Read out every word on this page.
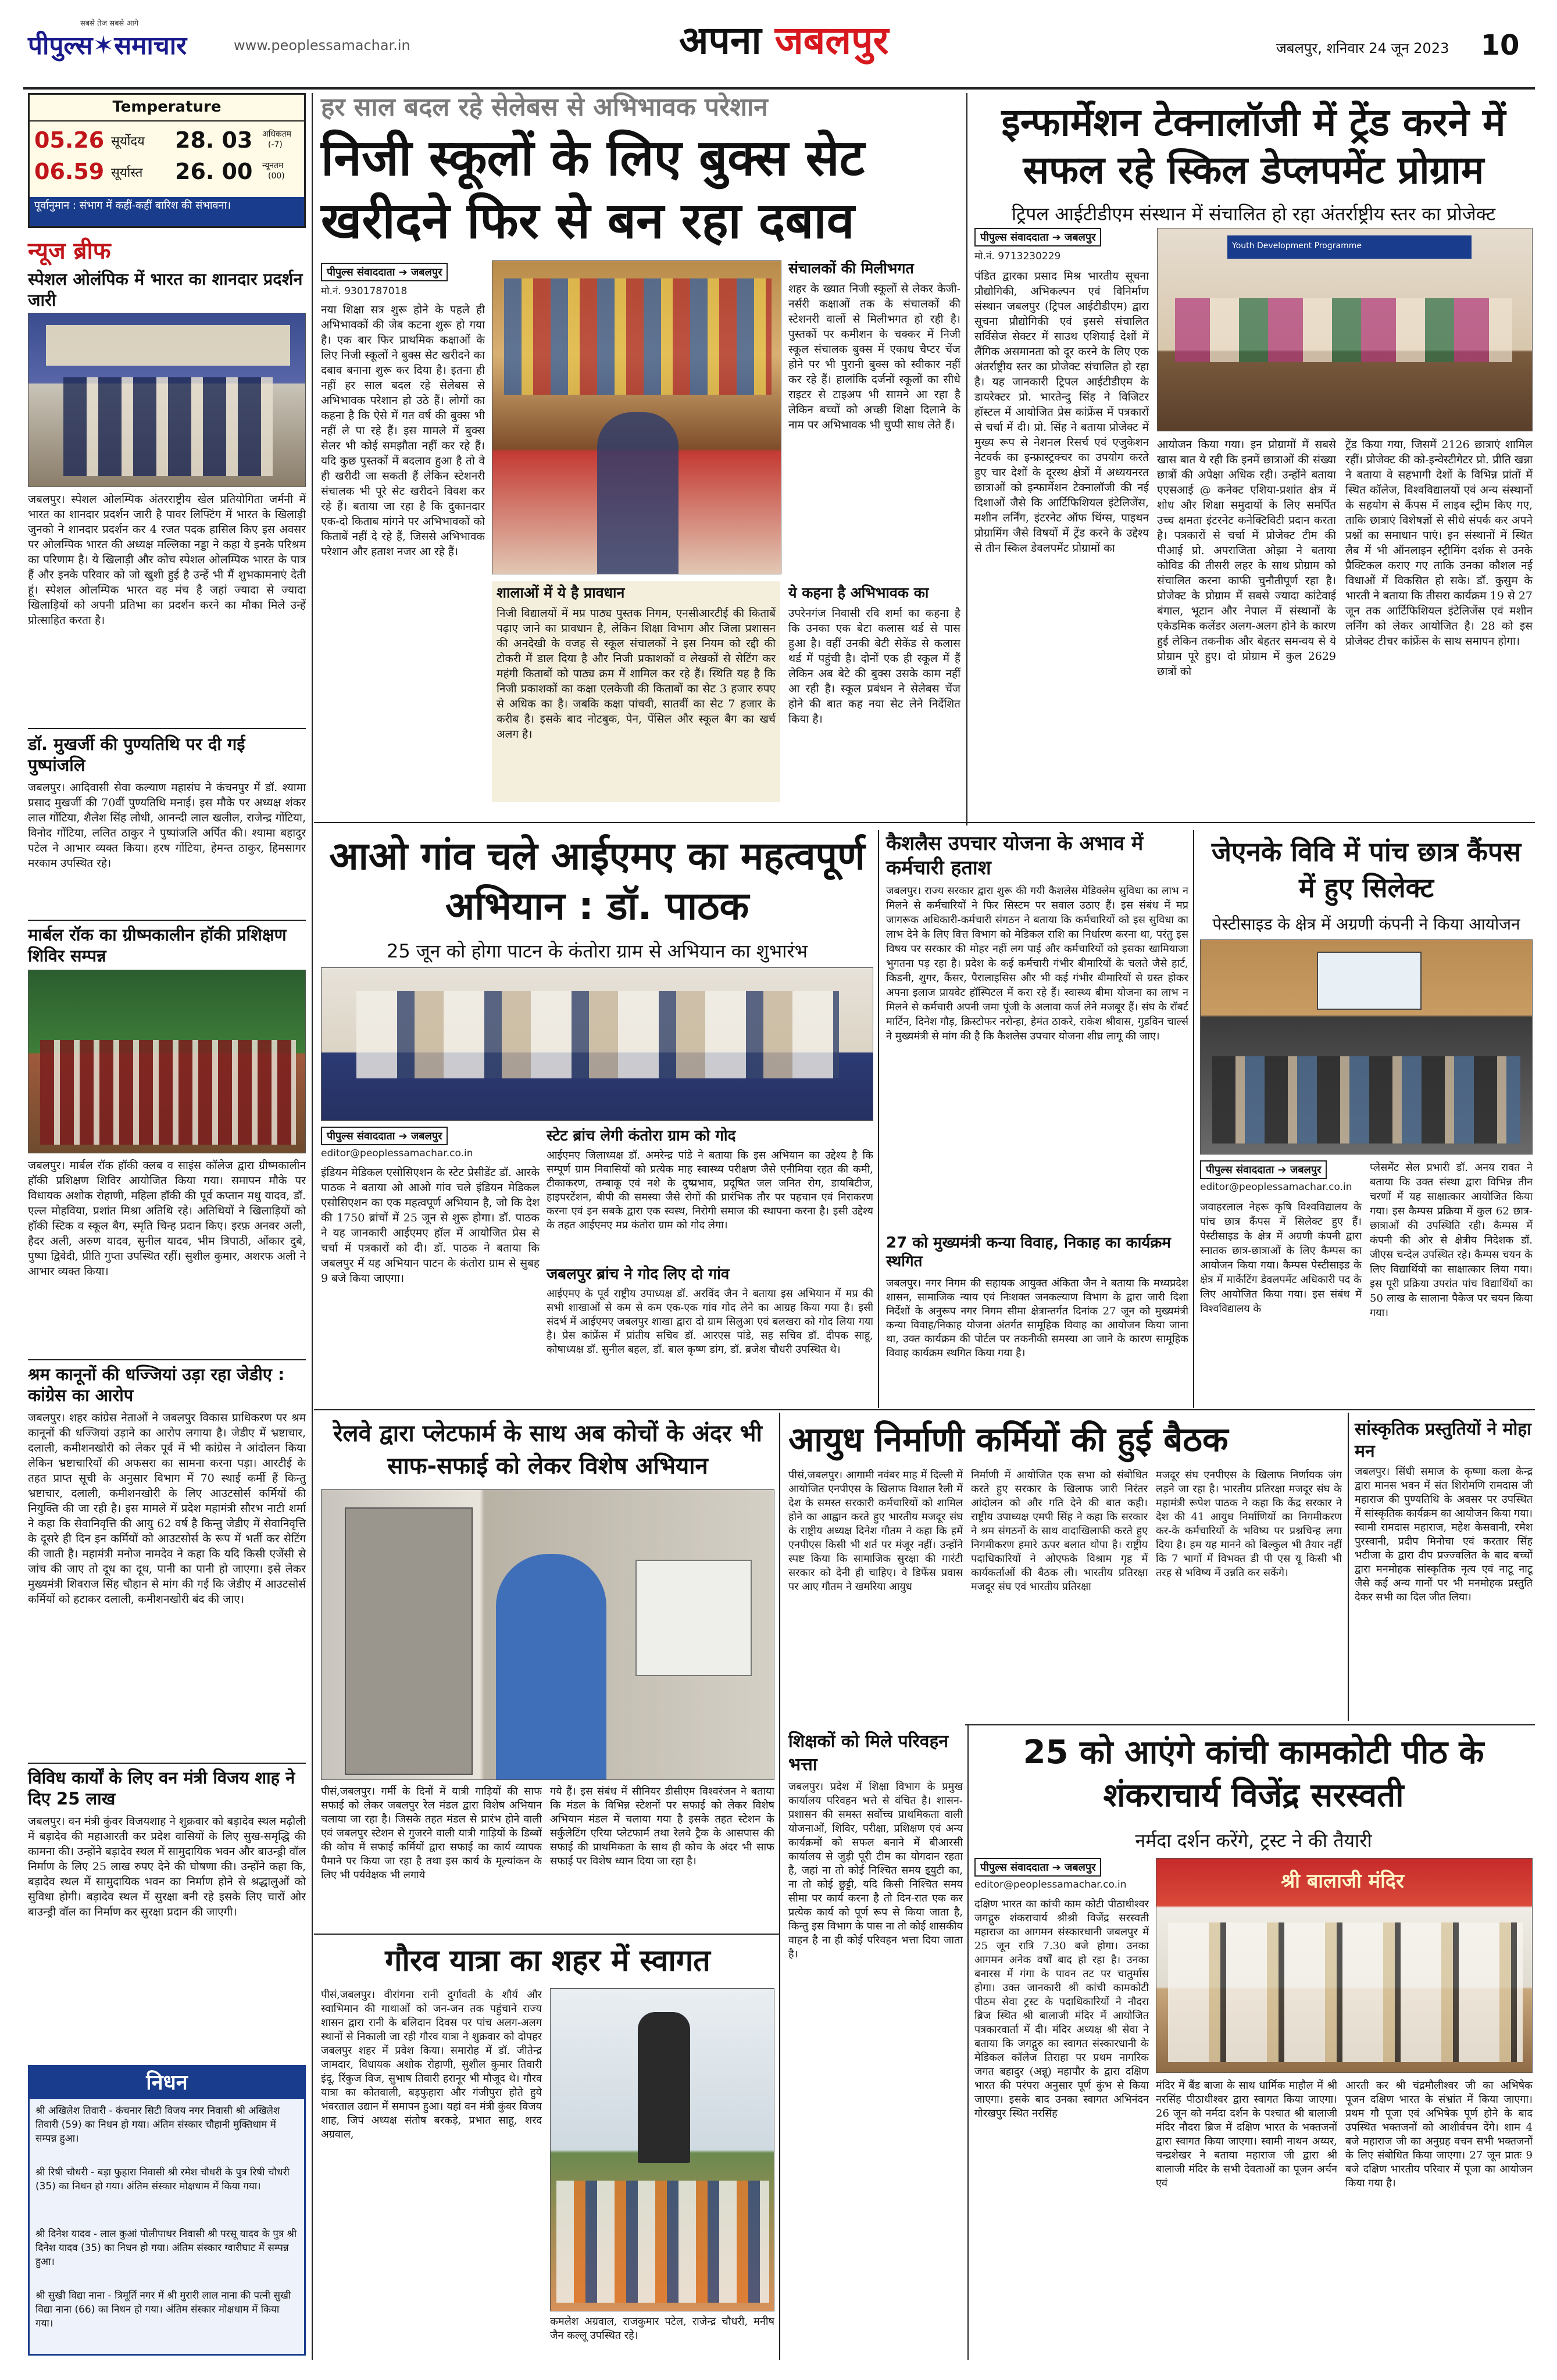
सबसे तेज सबसे आगे
पीपुल्स✶समाचार	www.peoplessamachar.in	अपना जबलपुर	जबलपुर, शनिवार 24 जून 2023 10
Temperature
05.26 सूर्योदय 28. 03 अधिकतम
(-7)
06.59 सूर्यास्त 26. 00 न्यूनतम
(00)
पूर्वानुमान : संभाग में कहीं-कहीं बारिश की संभावना।
न्यूज ब्रीफ
स्पेशल ओलंपिक में भारत का शानदार प्रदर्शन जारी
जबलपुर। स्पेशल ओलम्पिक अंतरराष्ट्रीय खेल प्रतियोगिता जर्मनी में भारत का शानदार प्रदर्शन जारी है पावर लिफ्टिंग में भारत के खिलाड़ी जुनको ने शानदार प्रदर्शन कर 4 रजत पदक हासिल किए इस अवसर पर ओलम्पिक भारत की अध्यक्ष मल्लिका नड्डा ने कहा ये इनके परिश्रम का परिणाम है। ये खिलाड़ी और कोच स्पेशल ओलम्पिक भारत के पात्र हैं और इनके परिवार को जो खुशी हुई है उन्हें भी मैं शुभकामनाएं देती हूं। स्पेशल ओलम्पिक भारत वह मंच है जहां ज्यादा से ज्यादा खिलाड़ियों को अपनी प्रतिभा का प्रदर्शन करने का मौका मिले उन्हें प्रोत्साहित करता है।
डॉ. मुखर्जी की पुण्यतिथि पर दी गई पुष्पांजलि
जबलपुर। आदिवासी सेवा कल्याण महासंघ ने कंचनपुर में डॉ. श्यामा प्रसाद मुखर्जी की 70वीं पुण्यतिथि मनाई। इस मौके पर अध्यक्ष शंकर लाल गोंटिया, शैलेश सिंह लोधी, आनन्दी लाल खलील, राजेन्द्र गोंटिया, विनोद गोंटिया, ललित ठाकुर ने पुष्पांजलि अर्पित की। श्यामा बहादुर पटेल ने आभार व्यक्त किया। हरष गोंटिया, हेमन्त ठाकुर, हिमसागर मरकाम उपस्थित रहे।
मार्बल रॉक का ग्रीष्मकालीन हॉकी प्रशिक्षण शिविर सम्पन्न
जबलपुर। मार्बल रॉक हॉकी क्लब व साइंस कॉलेज द्वारा ग्रीष्मकालीन हॉकी प्रशिक्षण शिविर आयोजित किया गया। समापन मौके पर विधायक अशोक रोहाणी, महिला हॉकी की पूर्व कप्तान मधु यादव, डॉ. एल्ल मोहविया, प्रशांत मिश्रा अतिथि रहे। अतिथियों ने खिलाड़ियों को हॉकी स्टिक व स्कूल बैग, स्मृति चिन्ह प्रदान किए। इरफ़ अनवर अली, हैदर अली, अरुण यादव, सुनील यादव, भीम त्रिपाठी, ओंकार दुबे, पुष्पा द्विवेदी, प्रीति गुप्ता उपस्थित रहीं। सुशील कुमार, अशरफ अली ने आभार व्यक्त किया।
श्रम कानूनों की धज्जियां उड़ा रहा जेडीए : कांग्रेस का आरोप
जबलपुर। शहर कांग्रेस नेताओं ने जबलपुर विकास प्राधिकरण पर श्रम कानूनों की धज्जियां उड़ाने का आरोप लगाया है। जेडीए में भ्रष्टाचार, दलाली, कमीशनखोरी को लेकर पूर्व में भी कांग्रेस ने आंदोलन किया लेकिन भ्रष्टाचारियों की अफसरा का सामना करना पड़ा। आरटीई के तहत प्राप्त सूची के अनुसार विभाग में 70 स्थाई कर्मी हैं किन्तु भ्रष्टाचार, दलाली, कमीशनखोरी के लिए आउटसोर्स कर्मियों की नियुक्ति की जा रही है। इस मामले में प्रदेश महामंत्री सौरभ नाटी शर्मा ने कहा कि सेवानिवृत्ति की आयु 62 वर्ष है किन्तु जेडीए में सेवानिवृत्ति के दूसरे ही दिन इन कर्मियों को आउटसोर्स के रूप में भर्ती कर सेटिंग की जाती है। महामंत्री मनोज नामदेव ने कहा कि यदि किसी एजेंसी से जांच की जाए तो दूध का दूध, पानी का पानी हो जाएगा। इसे लेकर मुख्यमंत्री शिवराज सिंह चौहान से मांग की गई कि जेडीए में आउटसोर्स कर्मियों को हटाकर दलाली, कमीशनखोरी बंद की जाए।
विविध कार्यों के लिए वन मंत्री विजय शाह ने दिए 25 लाख
जबलपुर। वन मंत्री कुंवर विजयशाह ने शुक्रवार को बड़ादेव स्थल मढ़ौली में बड़ादेव की महाआरती कर प्रदेश वासियों के लिए सुख-समृद्धि की कामना की। उन्होंने बड़ादेव स्थल में सामुदायिक भवन और बाउन्ड्री वॉल निर्माण के लिए 25 लाख रुपए देने की घोषणा की। उन्होंने कहा कि, बड़ादेव स्थल में सामुदायिक भवन का निर्माण होने से श्रद्धालुओं को सुविधा होगी। बड़ादेव स्थल में सुरक्षा बनी रहे इसके लिए चारों ओर बाउन्ड्री वॉल का निर्माण कर सुरक्षा प्रदान की जाएगी।
निधन
श्री अखिलेश तिवारी - कंचनार सिटी विजय नगर निवासी श्री अखिलेश तिवारी (59) का निधन हो गया। अंतिम संस्कार चौहानी मुक्तिधाम में सम्पन्न हुआ।
श्री रिषी चौधरी - बड़ा फुहारा निवासी श्री रमेश चौधरी के पुत्र रिषी चौधरी (35) का निधन हो गया। अंतिम संस्कार मोक्षधाम में किया गया।
श्री दिनेश यादव - लाल कुआं पोलीपाथर निवासी श्री परसू यादव के पुत्र श्री दिनेश यादव (35) का निधन हो गया। अंतिम संस्कार ग्वारीघाट में सम्पन्न हुआ।
श्री सुखी विद्या नाना - त्रिमूर्ति नगर में श्री मुरारी लाल नाना की पत्नी सुखी विद्या नाना (66) का निधन हो गया। अंतिम संस्कार मोक्षधाम में किया गया।
हर साल बदल रहे सेलेबस से अभिभावक परेशान
निजी स्कूलों के लिए बुक्स सेट खरीदने फिर से बन रहा दबाव
पीपुल्स संवाददाता ➔ जबलपुर
मो.नं. 9301787018
नया शिक्षा सत्र शुरू होने के पहले ही अभिभावकों की जेब कटना शुरू हो गया है। एक बार फिर प्राथमिक कक्षाओं के लिए निजी स्कूलों ने बुक्स सेट खरीदने का दबाव बनाना शुरू कर दिया है। इतना ही नहीं हर साल बदल रहे सेलेबस से अभिभावक परेशान हो उठे हैं। लोगों का कहना है कि ऐसे में गत वर्ष की बुक्स भी नहीं ले पा रहे हैं। इस मामले में बुक्स सेलर भी कोई समझौता नहीं कर रहे हैं। यदि कुछ पुस्तकों में बदलाव हुआ है तो वे ही खरीदी जा सकती हैं लेकिन स्टेशनरी संचालक भी पूरे सेट खरीदने विवश कर रहे हैं। बताया जा रहा है कि दुकानदार एक-दो किताब मांगने पर अभिभावकों को किताबें नहीं दे रहे हैं, जिससे अभिभावक परेशान और हताश नजर आ रहे हैं।
संचालकों की मिलीभगत
शहर के ख्यात निजी स्कूलों से लेकर केजी-नर्सरी कक्षाओं तक के संचालकों की स्टेशनरी वालों से मिलीभगत हो रही है। पुस्तकों पर कमीशन के चक्कर में निजी स्कूल संचालक बुक्स में एकाध चैप्टर चेंज होने पर भी पुरानी बुक्स को स्वीकार नहीं कर रहे हैं। हालांकि दर्जनों स्कूलों का सीधे राइटर से टाइअप भी सामने आ रहा है लेकिन बच्चों को अच्छी शिक्षा दिलाने के नाम पर अभिभावक भी चुप्पी साध लेते हैं।
शालाओं में ये है प्रावधान
निजी विद्यालयों में मप्र पाठ्य पुस्तक निगम, एनसीआरटीई की किताबें पढ़ाए जाने का प्रावधान है, लेकिन शिक्षा विभाग और जिला प्रशासन की अनदेखी के वजह से स्कूल संचालकों ने इस नियम को रद्दी की टोकरी में डाल दिया है और निजी प्रकाशकों व लेखकों से सेटिंग कर महंगी किताबों को पाठ्य क्रम में शामिल कर रहे हैं। स्थिति यह है कि निजी प्रकाशकों का कक्षा एलकेजी की किताबों का सेट 3 हजार रुपए से अधिक का है। जबकि कक्षा पांचवी, सातवीं का सेट 7 हजार के करीब है। इसके बाद नोटबुक, पेन, पेंसिल और स्कूल बैग का खर्च अलग है।
ये कहना है अभिभावक का
उपरेनगंज निवासी रवि शर्मा का कहना है कि उनका एक बेटा कलास थर्ड से पास हुआ है। वहीं उनकी बेटी सेकेंड से कलास थर्ड में पहुंची है। दोनों एक ही स्कूल में हैं लेकिन अब बेटे की बुक्स उसके काम नहीं आ रही है। स्कूल प्रबंधन ने सेलेबस चेंज होने की बात कह नया सेट लेने निर्देशित किया है।
इन्फार्मेशन टेक्नालॉजी में ट्रेंड करने में सफल रहे स्किल डेप्लपमेंट प्रोग्राम
ट्रिपल आईटीडीएम संस्थान में संचालित हो रहा अंतर्राष्ट्रीय स्तर का प्रोजेक्ट
पीपुल्स संवाददाता ➔ जबलपुर
मो.नं. 9713230229
Youth Development Programme
पंडित द्वारका प्रसाद मिश्र भारतीय सूचना प्रौद्योगिकी, अभिकल्पन एवं विनिर्माण संस्थान जबलपुर (ट्रिपल आईटीडीएम) द्वारा सूचना प्रौद्योगिकी एवं इससे संचालित सर्विसेज सेक्टर में साउथ एशियाई देशों में लैंगिक असमानता को दूर करने के लिए एक अंतर्राष्ट्रीय स्तर का प्रोजेक्ट संचालित हो रहा है। यह जानकारी ट्रिपल आईटीडीएम के डायरेक्टर प्रो. भारतेन्दु सिंह ने विजिटर हॉस्टल में आयोजित प्रेस कांफ्रेंस में पत्रकारों से चर्चा में दी। प्रो. सिंह ने बताया प्रोजेक्ट में मुख्य रूप से नेशनल रिसर्च एवं एजुकेशन नेटवर्क का इन्फ्रास्ट्रक्चर का उपयोग करते हुए चार देशों के दूरस्थ क्षेत्रों में अध्ययनरत छात्राओं को इन्फार्मेशन टेक्नालॉजी की नई दिशाओं जैसे कि आर्टिफिशियल इंटेलिजेंस, मशीन लर्निंग, इंटरनेट ऑफ थिंग्स, पाइथन प्रोग्रामिंग जैसे विषयों में ट्रेंड करने के उद्देश्य से तीन स्किल डेवलपमेंट प्रोग्रामों का
आयोजन किया गया। इन प्रोग्रामों में सबसे खास बात ये रही कि इनमें छात्राओं की संख्या छात्रों की अपेक्षा अधिक रही। उन्होंने बताया एएसआई @ कनेक्ट एशिया-प्रशांत क्षेत्र में शोध और शिक्षा समुदायों के लिए समर्पित उच्च क्षमता इंटरनेट कनेक्टिविटी प्रदान करता है। पत्रकारों से चर्चा में प्रोजेक्ट टीम की पीआई प्रो. अपराजिता ओझा ने बताया कोविड की तीसरी लहर के साथ प्रोग्राम को संचालित करना काफी चुनौतीपूर्ण रहा है। प्रोजेक्ट के प्रोग्राम में सबसे ज्यादा कांटेवाई बंगाल, भूटान और नेपाल में संस्थानों के एकेडमिक कलेंडर अलग-अलग होने के कारण हुई लेकिन तकनीक और बेहतर समन्वय से ये प्रोग्राम पूरे हुए। दो प्रोग्राम में कुल 2629 छात्रों को
ट्रेंड किया गया, जिसमें 2126 छात्राएं शामिल रहीं। प्रोजेक्ट की को-इन्वेस्टीगेटर प्रो. प्रीति खन्ना ने बताया वे सहभागी देशों के विभिन्न प्रांतों में स्थित कॉलेज, विश्वविद्यालयों एवं अन्य संस्थानों के सहयोग से कैंपस में लाइव स्ट्रीम किए गए, ताकि छात्राएं विशेषज्ञों से सीधे संपर्क कर अपने प्रश्नों का समाधान पाएं। इन संस्थानों में स्थित लैब में भी ऑनलाइन स्ट्रीमिंग दर्शक से उनके प्रैक्टिकल कराए गए ताकि उनका कौशल नई विधाओं में विकसित हो सके। डॉ. कुसुम के भारती ने बताया कि तीसरा कार्यक्रम 19 से 27 जून तक आर्टिफिशियल इंटेलिजेंस एवं मशीन लर्निंग को लेकर आयोजित है। 28 को इस प्रोजेक्ट टीचर कांफ्रेंस के साथ समापन होगा।
आओ गांव चले आईएमए का महत्वपूर्ण अभियान : डॉ. पाठक
25 जून को होगा पाटन के कंतोरा ग्राम से अभियान का शुभारंभ
पीपुल्स संवाददाता ➔ जबलपुर
editor@peoplessamachar.co.in
इंडियन मेडिकल एसोसिएशन के स्टेट प्रेसीडेंट डॉ. आरके पाठक ने बताया ओ आओ गांव चले इंडियन मेडिकल एसोसिएशन का एक महत्वपूर्ण अभियान है, जो कि देश की 1750 ब्रांचों में 25 जून से शुरू होगा। डॉ. पाठक ने यह जानकारी आईएमए हॉल में आयोजित प्रेस से चर्चा में पत्रकारों को दी। डॉ. पाठक ने बताया कि जबलपुर में यह अभियान पाटन के कंतोरा ग्राम से सुबह 9 बजे किया जाएगा।
स्टेट ब्रांच लेगी कंतोरा ग्राम को गोद
आईएमए जिलाध्यक्ष डॉ. अमरेन्द्र पांडे ने बताया कि इस अभियान का उद्देश्य है कि सम्पूर्ण ग्राम निवासियों को प्रत्येक माह स्वास्थ्य परीक्षण जैसे एनीमिया रहत की कमी, टीकाकरण, तम्बाकू एवं नशे के दुष्प्रभाव, प्रदूषित जल जनित रोग, डायबिटीज, हाइपरटेंशन, बीपी की समस्या जैसे रोगों की प्रारंभिक तौर पर पहचान एवं निराकरण करना एवं इन सबके द्वारा एक स्वस्थ, निरोगी समाज की स्थापना करना है। इसी उद्देश्य के तहत आईएमए मप्र कंतोरा ग्राम को गोद लेगा।
जबलपुर ब्रांच ने गोद लिए दो गांव
आईएमए के पूर्व राष्ट्रीय उपाध्यक्ष डॉ. अरविंद जैन ने बताया इस अभियान में मप्र की सभी शाखाओं से कम से कम एक-एक गांव गोद लेने का आग्रह किया गया है। इसी संदर्भ में आईएमए जबलपुर शाखा द्वारा दो ग्राम सिलुआ एवं बलखरा को गोद लिया गया है। प्रेस कांफ्रेंस में प्रांतीय सचिव डॉ. आरएस पांडे, सह सचिव डॉ. दीपक साहू, कोषाध्यक्ष डॉ. सुनील बहल, डॉ. बाल कृष्ण डांग, डॉ. ब्रजेश चौधरी उपस्थित थे।
कैशलैस उपचार योजना के अभाव में कर्मचारी हताश
जबलपुर। राज्य सरकार द्वारा शुरू की गयी कैशलेस मेडिक्लेम सुविधा का लाभ न मिलने से कर्मचारियों ने फिर सिस्टम पर सवाल उठाए हैं। इस संबंध में मप्र जागरूक अधिकारी-कर्मचारी संगठन ने बताया कि कर्मचारियों को इस सुविधा का लाभ देने के लिए वित्त विभाग को मेडिकल राशि का निर्धारण करना था, परंतु इस विषय पर सरकार की मोहर नहीं लग पाई और कर्मचारियों को इसका खामियाजा भुगतना पड़ रहा है। प्रदेश के कई कर्मचारी गंभीर बीमारियों के चलते जैसे हार्ट, किडनी, शुगर, कैंसर, पैरालाइसिस और भी कई गंभीर बीमारियों से ग्रस्त होकर अपना इलाज प्रायवेट हॉस्पिटल में करा रहे हैं। स्वास्थ्य बीमा योजना का लाभ न मिलने से कर्मचारी अपनी जमा पूंजी के अलावा कर्ज लेने मजबूर हैं। संघ के रॉबर्ट मार्टिन, दिनेश गौड़, क्रिस्टोफर नरोन्हा, हेमंत ठाकरे, राकेश श्रीवास, गुडविन चार्ल्स ने मुख्यमंत्री से मांग की है कि कैशलेस उपचार योजना शीघ्र लागू की जाए।
27 को मुख्यमंत्री कन्या विवाह, निकाह का कार्यक्रम स्थगित
जबलपुर। नगर निगम की सहायक आयुक्त अंकिता जैन ने बताया कि मध्यप्रदेश शासन, सामाजिक न्याय एवं निःशक्त जनकल्याण विभाग के द्वारा जारी दिशा निर्देशों के अनुरूप नगर निगम सीमा क्षेत्रान्तर्गत दिनांक 27 जून को मुख्यमंत्री कन्या विवाह/निकाह योजना अंतर्गत सामूहिक विवाह का आयोजन किया जाना था, उक्त कार्यक्रम की पोर्टल पर तकनीकी समस्या आ जाने के कारण सामूहिक विवाह कार्यक्रम स्थगित किया गया है।
जेएनके विवि में पांच छात्र कैंपस में हुए सिलेक्ट
पेस्टीसाइड के क्षेत्र में अग्रणी कंपनी ने किया आयोजन
पीपुल्स संवाददाता ➔ जबलपुर
editor@peoplessamachar.co.in
जवाहरलाल नेहरू कृषि विश्वविद्यालय के पांच छात्र कैंपस में सिलेक्ट हुए हैं। पेस्टीसाइड के क्षेत्र में अग्रणी कंपनी द्वारा स्नातक छात्र-छात्राओं के लिए कैम्पस का आयोजन किया गया। कैम्पस पेस्टीसाइड के क्षेत्र में मार्केटिंग डेवलपमेंट अधिकारी पद के लिए आयोजित किया गया। इस संबंध में विश्वविद्यालय के
प्लेसमेंट सेल प्रभारी डॉ. अनय रावत ने बताया कि उक्त संस्था द्वारा विभिन्न तीन चरणों में यह साक्षात्कार आयोजित किया गया। इस कैम्पस प्रक्रिया में कुल 62 छात्र-छात्राओं की उपस्थिति रही। कैम्पस में कंपनी की ओर से क्षेत्रीय निदेशक डॉ. जीएस चन्देल उपस्थित रहे। कैम्पस चयन के लिए विद्यार्थियों का साक्षात्कार लिया गया। इस पूरी प्रक्रिया उपरांत पांच विद्यार्थियों का 50 लाख के सालाना पैकेज पर चयन किया गया।
रेलवे द्वारा प्लेटफार्म के साथ अब कोचों के अंदर भी साफ-सफाई को लेकर विशेष अभियान
पीसं,जबलपुर। गर्मी के दिनों में यात्री गाड़ियों की साफ सफाई को लेकर जबलपुर रेल मंडल द्वारा विशेष अभियान चलाया जा रहा है। जिसके तहत मंडल से प्रारंभ होने वाली एवं जबलपुर स्टेशन से गुजरने वाली यात्री गाड़ियों के डिब्बों की कोच में सफाई कर्मियों द्वारा सफाई का कार्य व्यापक पैमाने पर किया जा रहा है तथा इस कार्य के मूल्यांकन के लिए भी पर्यवेक्षक भी लगाये
गये हैं। इस संबंध में सीनियर डीसीएम विश्वरंजन ने बताया कि मंडल के विभिन्न स्टेशनों पर सफाई को लेकर विशेष अभियान मंडल में चलाया गया है इसके तहत स्टेशन के सर्कुलेटिंग एरिया प्लेटफार्म तथा रेलवे ट्रैक के आसपास की सफाई की प्राथमिकता के साथ ही कोच के अंदर भी साफ सफाई पर विशेष ध्यान दिया जा रहा है।
गौरव यात्रा का शहर में स्वागत
पीसं,जबलपुर। वीरांगना रानी दुर्गावती के शौर्य और स्वाभिमान की गाथाओं को जन-जन तक पहुंचाने राज्य शासन द्वारा रानी के बलिदान दिवस पर पांच अलग-अलग स्थानों से निकाली जा रही गौरव यात्रा ने शुक्रवार को दोपहर जबलपुर शहर में प्रवेश किया। समारोह में डॉ. जीतेन्द्र जामदार, विधायक अशोक रोहाणी, सुशील कुमार तिवारी इंदू, रिंकुज विज, सुभाष तिवारी हरानूर भी मौजूद थे। गौरव यात्रा का कोतवाली, बड़फुहारा और गंजीपुरा होते हुये भंवरताल उद्यान में समापन हुआ। यहां वन मंत्री कुंवर विजय शाह, जिपं अध्यक्ष संतोष बरकड़े, प्रभात साहू, शरद अग्रवाल,
कमलेश अग्रवाल, राजकुमार पटेल, राजेन्द्र चौधरी, मनीष जैन कल्लू उपस्थित रहे।
आयुध निर्माणी कर्मियों की हुई बैठक
पीसं,जबलपुर। आगामी नवंबर माह में दिल्ली में आयोजित एनपीएस के खिलाफ विशाल रैली में देश के समस्त सरकारी कर्मचारियों को शामिल होने का आह्वान करते हुए भारतीय मजदूर संघ के राष्ट्रीय अध्यक्ष दिनेश गौतम ने कहा कि हमें एनपीएस किसी भी शर्त पर मंजूर नहीं। उन्होंने स्पष्ट किया कि सामाजिक सुरक्षा की गारंटी सरकार को देनी ही चाहिए। वे डिफेंस प्रवास पर आए गौतम ने खमरिया आयुध
निर्माणी में आयोजित एक सभा को संबोधित करते हुए सरकार के खिलाफ जारी निरंतर आंदोलन को और गति देने की बात कही। राष्ट्रीय उपाध्यक्ष एमपी सिंह ने कहा कि सरकार ने श्रम संगठनों के साथ वादाखिलाफी करते हुए निगमीकरण हमारे ऊपर बलात थोपा है। राष्ट्रीय पदाधिकारियों ने ओएफके विश्राम गृह में कार्यकर्ताओं की बैठक ली। भारतीय प्रतिरक्षा मजदूर संघ एवं भारतीय प्रतिरक्षा
मजदूर संघ एनपीएस के खिलाफ निर्णायक जंग लड़ने जा रहा है। भारतीय प्रतिरक्षा मजदूर संघ के महामंत्री रूपेश पाठक ने कहा कि केंद्र सरकार ने देश की 41 आयुध निर्माणियों का निगमीकरण कर-के कर्मचारियों के भविष्य पर प्रश्नचिन्ह लगा दिया है। हम यह मानने को बिल्कुल भी तैयार नहीं कि 7 भागों में विभक्त डी पी एस यू किसी भी तरह से भविष्य में उन्नति कर सकेंगे।
सांस्कृतिक प्रस्तुतियों ने मोहा मन
जबलपुर। सिंधी समाज के कृष्णा कला केन्द्र द्वारा मानस भवन में संत शिरोमणि रामदास जी महाराज की पुण्यतिथि के अवसर पर उपस्थित में सांस्कृतिक कार्यक्रम का आयोजन किया गया। स्वामी रामदास महाराज, महेश केसवानी, रमेश पुरस्वानी, प्रदीप मिनोचा एवं करतार सिंह भटीजा के द्वारा दीप प्रज्ज्वलित के बाद बच्चों द्वारा मनमोहक सांस्कृतिक नृत्य एवं नाटू नाटू जैसे कई अन्य गानों पर भी मनमोहक प्रस्तुति देकर सभी का दिल जीत लिया।
शिक्षकों को मिले परिवहन भत्ता
जबलपुर। प्रदेश में शिक्षा विभाग के प्रमुख कार्यालय परिवहन भत्ते से वंचित है। शासन-प्रशासन की समस्त सर्वोच्च प्राथमिकता वाली योजनाओं, शिविर, परीक्षा, प्रशिक्षण एवं अन्य कार्यक्रमों को सफल बनाने में बीआरसी कार्यालय से जुड़ी पूरी टीम का योगदान रहता है, जहां ना तो कोई निश्चित समय इ्युटी का, ना तो कोई छुट्टी, यदि किसी निश्चित समय सीमा पर कार्य करना है तो दिन-रात एक कर प्रत्येक कार्य को पूर्ण रूप से किया जाता है, किन्तु इस विभाग के पास ना तो कोई शासकीय वाहन है ना ही कोई परिवहन भत्ता दिया जाता है।
25 को आएंगे कांची कामकोटी पीठ के शंकराचार्य विजेंद्र सरस्वती
नर्मदा दर्शन करेंगे, ट्रस्ट ने की तैयारी
पीपुल्स संवाददाता ➔ जबलपुर
editor@peoplessamachar.co.in	श्री बालाजी मंदिर
दक्षिण भारत का कांची काम कोटी पीठाधीश्वर जगद्गुरु शंकराचार्य श्रीश्री विजेंद्र सरस्वती महाराज का आगमन संस्कारधानी जबलपुर में 25 जून रात्रि 7.30 बजे होगा। उनका आगमन अनेक वर्षों बाद हो रहा है। उनका बनारस में गंगा के पावन तट पर चातुर्मास होगा। उक्त जानकारी श्री कांची कामकोटी पीठम सेवा ट्रस्ट के पदाधिकारियों ने नौदरा ब्रिज स्थित श्री बालाजी मंदिर में आयोजित पत्रकारवार्ता में दी। मंदिर अध्यक्ष श्री सेवा ने बताया कि जगद्गुरु का स्वागत संस्कारधानी के मेडिकल कॉलेज तिराहा पर प्रथम नागरिक जगत बहादुर (अन्नू) महापौर के द्वारा दक्षिण भारत की परंपरा अनुसार पूर्ण कुंभ से किया जाएगा। इसके बाद उनका स्वागत अभिनंदन गोरखपुर स्थित नरसिंह
मंदिर में बैंड बाजा के साथ धार्मिक माहौल में श्री नरसिंह पीठाधीश्वर द्वारा स्वागत किया जाएगा। 26 जून को नर्मदा दर्शन के पश्चात श्री बालाजी मंदिर नौदरा ब्रिज में दक्षिण भारत के भक्तजनों द्वारा स्वागत किया जाएगा। स्वामी नाथन अय्यर, चन्द्रशेखर ने बताया महाराज जी द्वारा श्री बालाजी मंदिर के सभी देवताओं का पूजन अर्चन एवं
आरती कर श्री चंद्रमौलीश्वर जी का अभिषेक पूजन दक्षिण भारत के संभ्रांत में किया जाएगा। प्रथम गौ पूजा एवं अभिषेक पूर्ण होने के बाद उपस्थित भक्तजनों को आशीर्वचन देंगे। शाम 4 बजे महाराज जी का अनुग्रह वचन सभी भक्तजनों के लिए संबोधित किया जाएगा। 27 जून प्रातः 9 बजे दक्षिण भारतीय परिवार में पूजा का आयोजन किया गया है।
